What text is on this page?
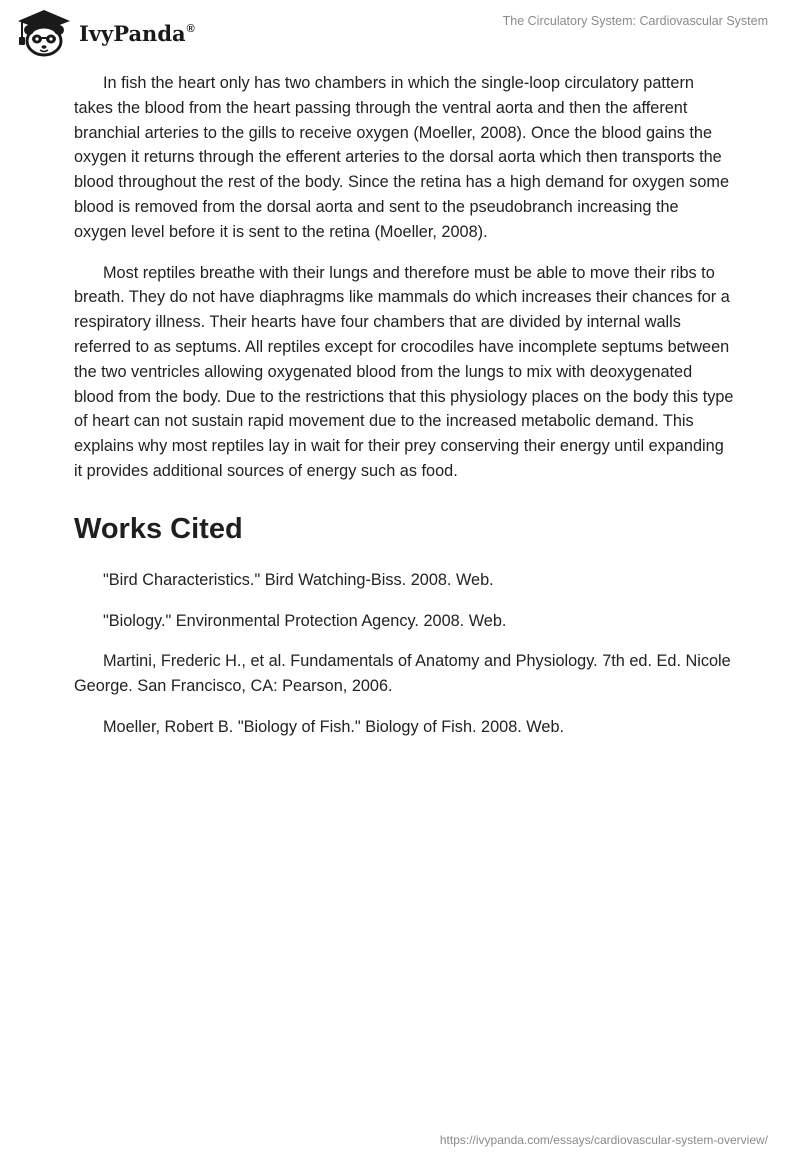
IvyPanda®
The Circulatory System: Cardiovascular System

In fish the heart only has two chambers in which the single-loop circulatory pattern takes the blood from the heart passing through the ventral aorta and then the afferent branchial arteries to the gills to receive oxygen (Moeller, 2008). Once the blood gains the oxygen it returns through the efferent arteries to the dorsal aorta which then transports the blood throughout the rest of the body. Since the retina has a high demand for oxygen some blood is removed from the dorsal aorta and sent to the pseudobranch increasing the oxygen level before it is sent to the retina (Moeller, 2008).

Most reptiles breathe with their lungs and therefore must be able to move their ribs to breath. They do not have diaphragms like mammals do which increases their chances for a respiratory illness. Their hearts have four chambers that are divided by internal walls referred to as septums. All reptiles except for crocodiles have incomplete septums between the two ventricles allowing oxygenated blood from the lungs to mix with deoxygenated blood from the body. Due to the restrictions that this physiology places on the body this type of heart can not sustain rapid movement due to the increased metabolic demand. This explains why most reptiles lay in wait for their prey conserving their energy until expanding it provides additional sources of energy such as food.

Works Cited

"Bird Characteristics." Bird Watching-Biss. 2008. Web.

"Biology." Environmental Protection Agency. 2008. Web.

Martini, Frederic H., et al. Fundamentals of Anatomy and Physiology. 7th ed. Ed. Nicole George. San Francisco, CA: Pearson, 2006.

Moeller, Robert B. "Biology of Fish." Biology of Fish. 2008. Web.

https://ivypanda.com/essays/cardiovascular-system-overview/
